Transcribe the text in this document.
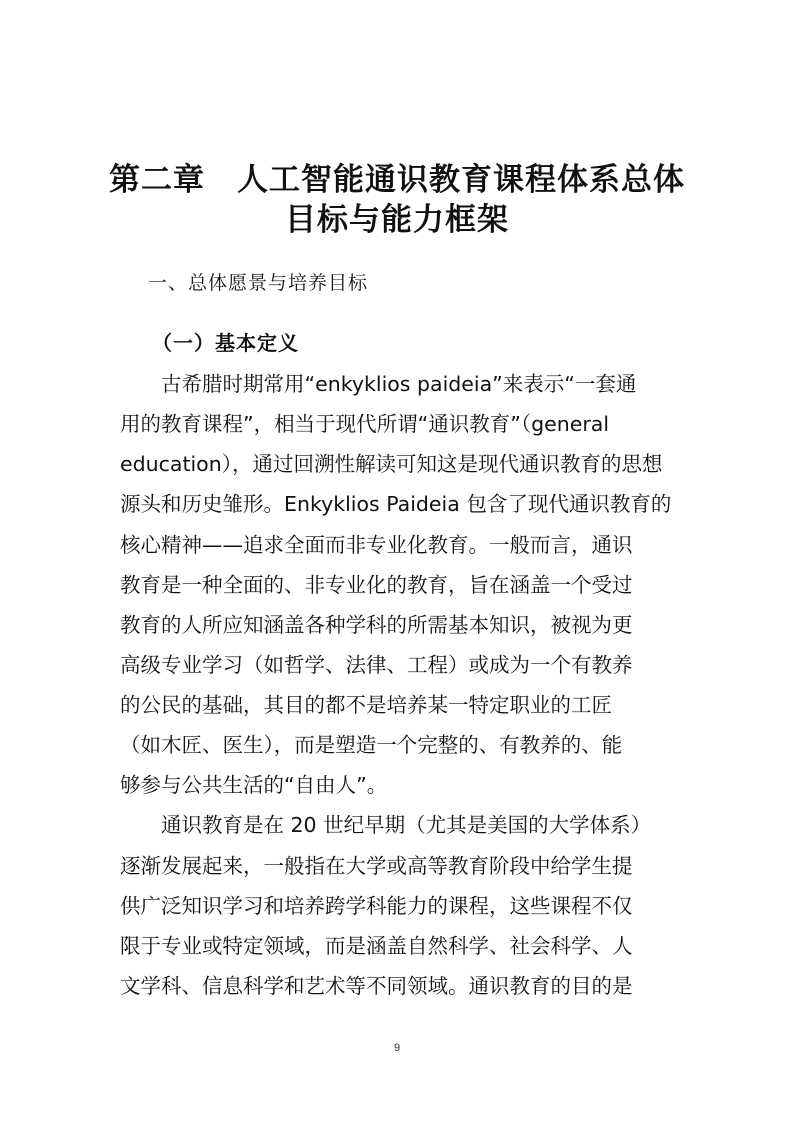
第二章　人工智能通识教育课程体系总体
目标与能力框架
一、总体愿景与培养目标
（一）基本定义
　　古希腊时期常用“enkyklios paideia”来表示“一套通
用的教育课程”，相当于现代所谓“通识教育”（general
education），通过回溯性解读可知这是现代通识教育的思想
源头和历史雏形。Enkyklios Paideia 包含了现代通识教育的
核心精神——追求全面而非专业化教育。一般而言，通识
教育是一种全面的、非专业化的教育，旨在涵盖一个受过
教育的人所应知涵盖各种学科的所需基本知识，被视为更
高级专业学习（如哲学、法律、工程）或成为一个有教养
的公民的基础，其目的都不是培养某一特定职业的工匠
（如木匠、医生），而是塑造一个完整的、有教养的、能
够参与公共生活的“自由人”。
　　通识教育是在 20 世纪早期（尤其是美国的大学体系）
逐渐发展起来，一般指在大学或高等教育阶段中给学生提
供广泛知识学习和培养跨学科能力的课程，这些课程不仅
限于专业或特定领域，而是涵盖自然科学、社会科学、人
文学科、信息科学和艺术等不同领域。通识教育的目的是
9
